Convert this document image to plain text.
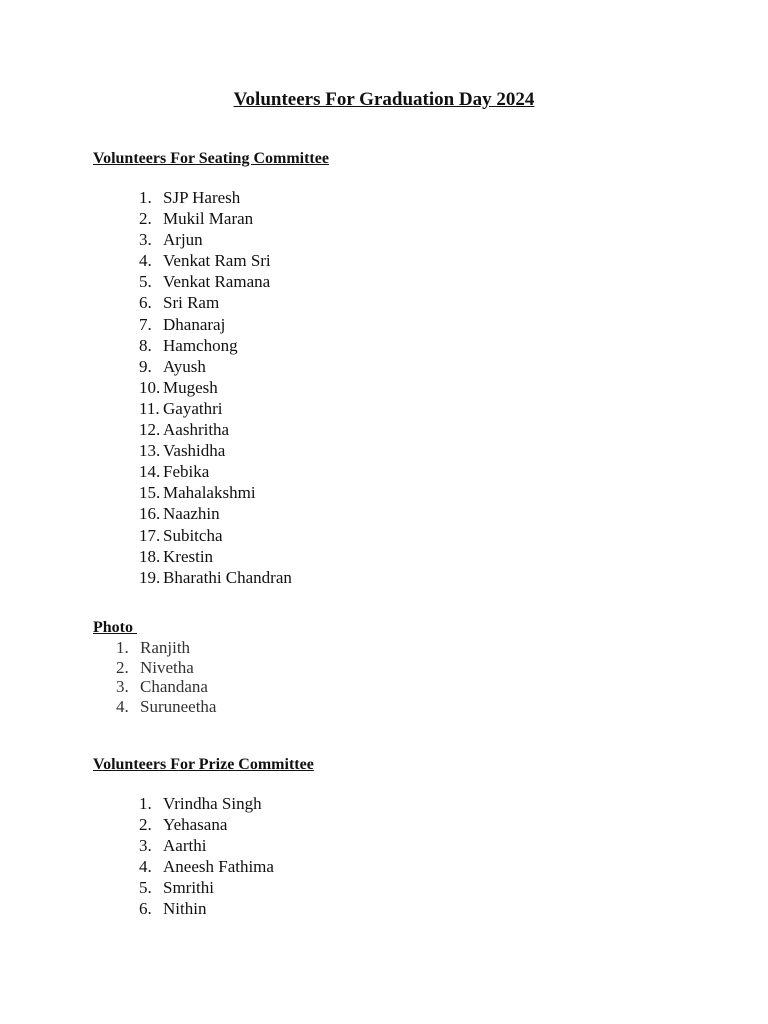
Volunteers For Graduation Day 2024
Volunteers For Seating Committee
1. SJP Haresh
2. Mukil Maran
3. Arjun
4. Venkat Ram Sri
5. Venkat Ramana
6. Sri Ram
7. Dhanaraj
8. Hamchong
9. Ayush
10. Mugesh
11. Gayathri
12. Aashritha
13. Vashidha
14. Febika
15. Mahalakshmi
16. Naazhin
17. Subitcha
18. Krestin
19. Bharathi Chandran
Photo
1. Ranjith
2. Nivetha
3. Chandana
4. Suruneetha
Volunteers For Prize Committee
1. Vrindha Singh
2. Yehasana
3. Aarthi
4. Aneesh Fathima
5. Smrithi
6. Nithin
